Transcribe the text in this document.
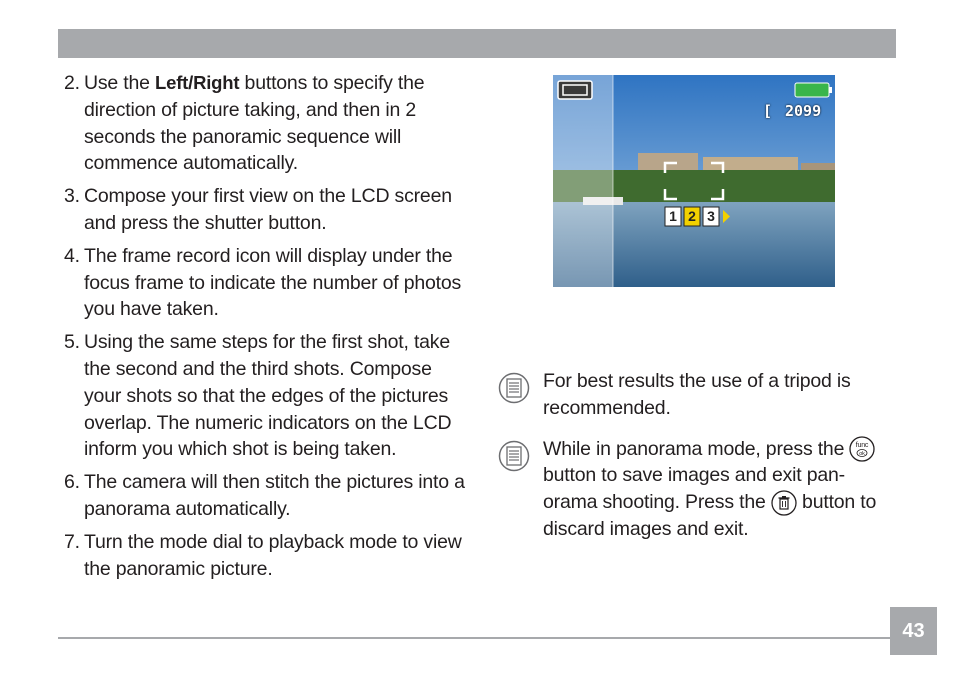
2. Use the Left/Right buttons to specify the direction of picture taking, and then in 2 seconds the panoramic sequence will commence automatically.
3. Compose your first view on the LCD screen and press the shutter button.
4. The frame record icon will display under the focus frame to indicate the number of photos you have taken.
5. Using the same steps for the first shot, take the second and the third shots. Compose your shots so that the edges of the pictures overlap. The numeric indicators on the LCD inform you which shot is being taken.
6. The camera will then stitch the pictures into a panorama automatically.
7. Turn the mode dial to playback mode to view the panoramic picture.
[ 2099
1 2 3
For best results the use of a tripod is recommended.
While in panorama mode, press the func
ok
button to save images and exit pan-orama shooting. Press the  button to discard images and exit.
43
